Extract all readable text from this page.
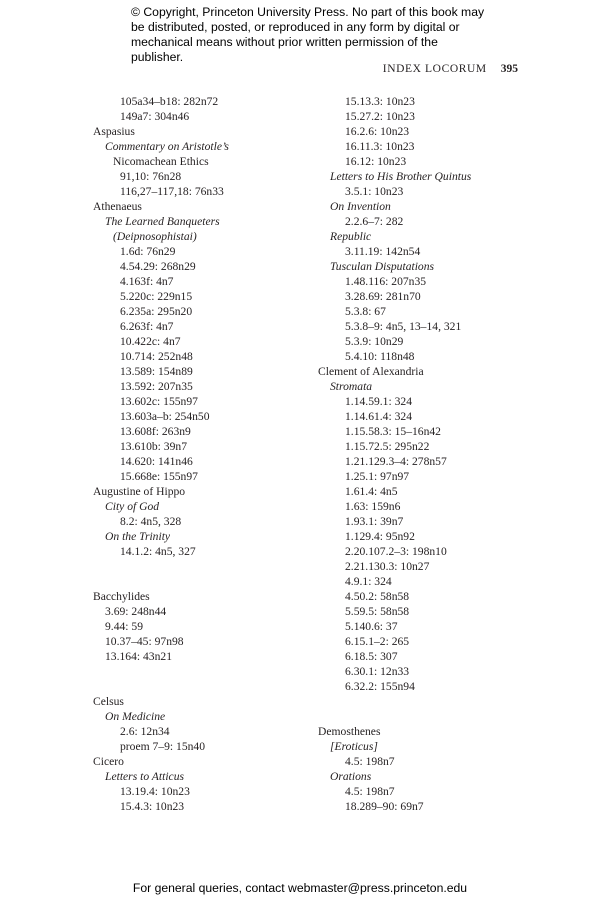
© Copyright, Princeton University Press. No part of this book may be distributed, posted, or reproduced in any form by digital or mechanical means without prior written permission of the publisher.
INDEX LOCORUM 395
105a34–b18: 282n72
149a7: 304n46
Aspasius
Commentary on Aristotle’s
Nicomachean Ethics
91,10: 76n28
116,27–117,18: 76n33
Athenaeus
The Learned Banqueters
(Deipnosophistai)
1.6d: 76n29
4.54.29: 268n29
4.163f: 4n7
5.220c: 229n15
6.235a: 295n20
6.263f: 4n7
10.422c: 4n7
10.714: 252n48
13.589: 154n89
13.592: 207n35
13.602c: 155n97
13.603a–b: 254n50
13.608f: 263n9
13.610b: 39n7
14.620: 141n46
15.668e: 155n97
Augustine of Hippo
City of God
8.2: 4n5, 328
On the Trinity
14.1.2: 4n5, 327
Bacchylides
3.69: 248n44
9.44: 59
10.37–45: 97n98
13.164: 43n21
Celsus
On Medicine
2.6: 12n34
proem 7–9: 15n40
Cicero
Letters to Atticus
13.19.4: 10n23
15.4.3: 10n23
15.13.3: 10n23
15.27.2: 10n23
16.2.6: 10n23
16.11.3: 10n23
16.12: 10n23
Letters to His Brother Quintus
3.5.1: 10n23
On Invention
2.2.6–7: 282
Republic
3.11.19: 142n54
Tusculan Disputations
1.48.116: 207n35
3.28.69: 281n70
5.3.8: 67
5.3.8–9: 4n5, 13–14, 321
5.3.9: 10n29
5.4.10: 118n48
Clement of Alexandria
Stromata
1.14.59.1: 324
1.14.61.4: 324
1.15.58.3: 15–16n42
1.15.72.5: 295n22
1.21.129.3–4: 278n57
1.25.1: 97n97
1.61.4: 4n5
1.63: 159n6
1.93.1: 39n7
1.129.4: 95n92
2.20.107.2–3: 198n10
2.21.130.3: 10n27
4.9.1: 324
4.50.2: 58n58
5.59.5: 58n58
5.140.6: 37
6.15.1–2: 265
6.18.5: 307
6.30.1: 12n33
6.32.2: 155n94
Demosthenes
[Eroticus]
4.5: 198n7
Orations
4.5: 198n7
18.289–90: 69n7
For general queries, contact webmaster@press.princeton.edu
